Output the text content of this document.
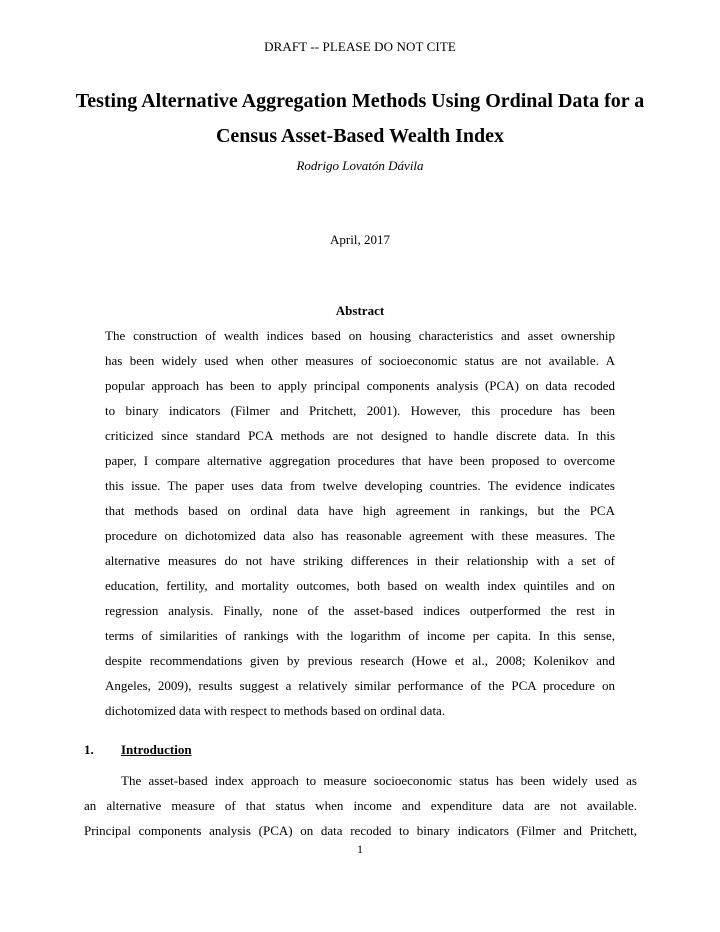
DRAFT -- PLEASE DO NOT CITE
Testing Alternative Aggregation Methods Using Ordinal Data for a
Census Asset-Based Wealth Index
Rodrigo Lovatón Dávila
April, 2017
Abstract
The construction of wealth indices based on housing characteristics and asset ownership
has been widely used when other measures of socioeconomic status are not available. A
popular approach has been to apply principal components analysis (PCA) on data recoded
to binary indicators (Filmer and Pritchett, 2001). However, this procedure has been
criticized since standard PCA methods are not designed to handle discrete data. In this
paper, I compare alternative aggregation procedures that have been proposed to overcome
this issue. The paper uses data from twelve developing countries. The evidence indicates
that methods based on ordinal data have high agreement in rankings, but the PCA
procedure on dichotomized data also has reasonable agreement with these measures. The
alternative measures do not have striking differences in their relationship with a set of
education, fertility, and mortality outcomes, both based on wealth index quintiles and on
regression analysis. Finally, none of the asset-based indices outperformed the rest in
terms of similarities of rankings with the logarithm of income per capita. In this sense,
despite recommendations given by previous research (Howe et al., 2008; Kolenikov and
Angeles, 2009), results suggest a relatively similar performance of the PCA procedure on
dichotomized data with respect to methods based on ordinal data.
1. Introduction
The asset-based index approach to measure socioeconomic status has been widely used as
an alternative measure of that status when income and expenditure data are not available.
Principal components analysis (PCA) on data recoded to binary indicators (Filmer and Pritchett,
1
